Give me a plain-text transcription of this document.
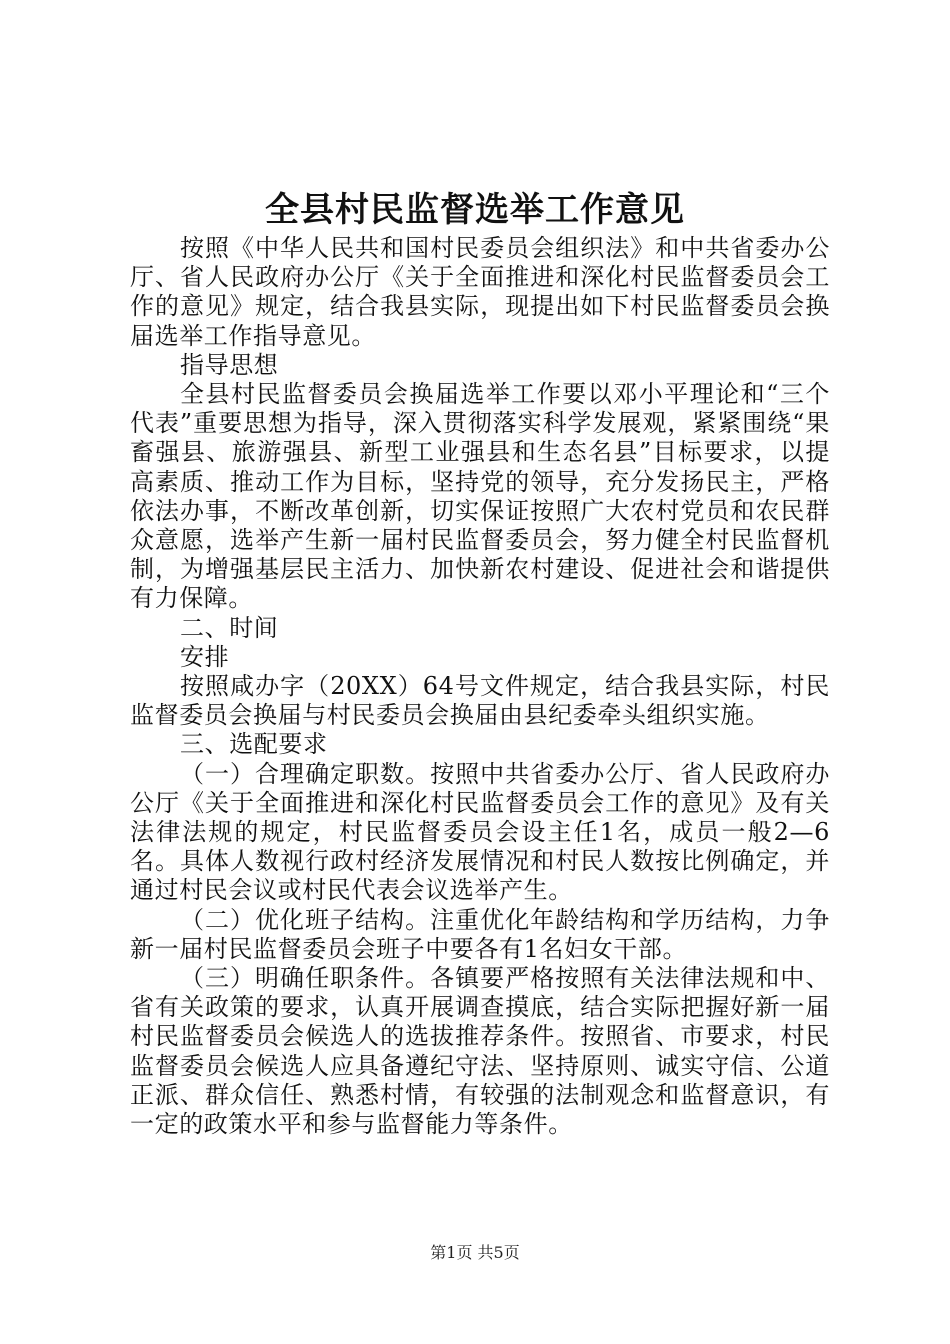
全县村民监督选举工作意见

按照《中华人民共和国村民委员会组织法》和中共省委办公厅、省人民政府办公厅《关于全面推进和深化村民监督委员会工作的意见》规定，结合我县实际，现提出如下村民监督委员会换届选举工作指导意见。

指导思想

全县村民监督委员会换届选举工作要以邓小平理论和“三个代表”重要思想为指导，深入贯彻落实科学发展观，紧紧围绕“果畜强县、旅游强县、新型工业强县和生态名县”目标要求，以提高素质、推动工作为目标，坚持党的领导，充分发扬民主，严格依法办事，不断改革创新，切实保证按照广大农村党员和农民群众意愿，选举产生新一届村民监督委员会，努力健全村民监督机制，为增强基层民主活力、加快新农村建设、促进社会和谐提供有力保障。

二、时间

安排

按照咸办字（20XX）64号文件规定，结合我县实际，村民监督委员会换届与村民委员会换届由县纪委牵头组织实施。

三、选配要求

（一）合理确定职数。按照中共省委办公厅、省人民政府办公厅《关于全面推进和深化村民监督委员会工作的意见》及有关法律法规的规定，村民监督委员会设主任1名，成员一般2—6名。具体人数视行政村经济发展情况和村民人数按比例确定，并通过村民会议或村民代表会议选举产生。

（二）优化班子结构。注重优化年龄结构和学历结构，力争新一届村民监督委员会班子中要各有1名妇女干部。

（三）明确任职条件。各镇要严格按照有关法律法规和中、省有关政策的要求，认真开展调查摸底，结合实际把握好新一届村民监督委员会候选人的选拔推荐条件。按照省、市要求，村民监督委员会候选人应具备遵纪守法、坚持原则、诚实守信、公道正派、群众信任、熟悉村情，有较强的法制观念和监督意识，有一定的政策水平和参与监督能力等条件。

第1页 共5页
